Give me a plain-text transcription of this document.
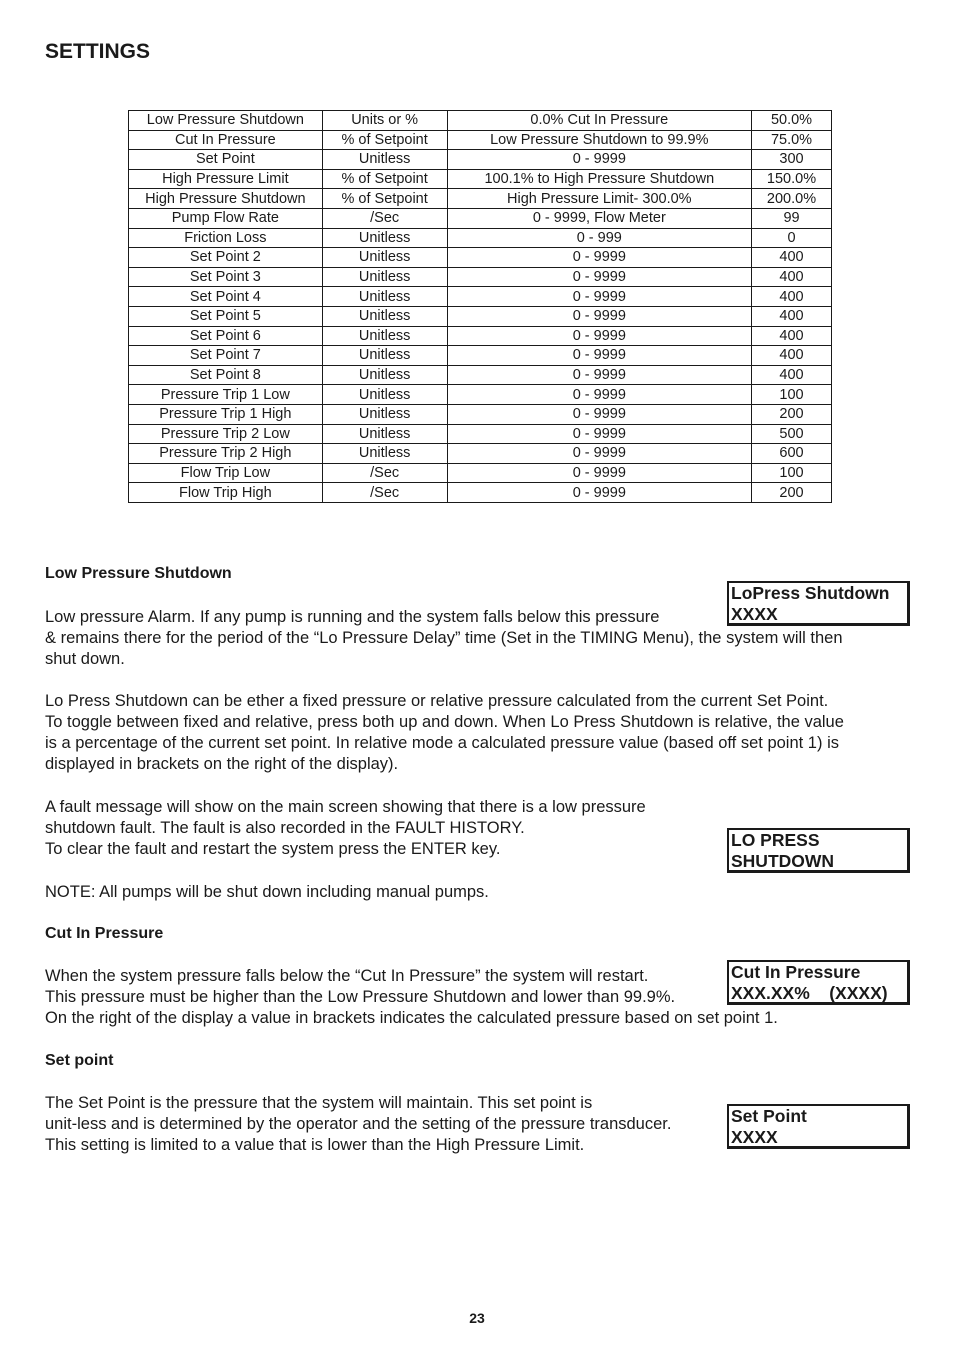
SETTINGS
Low Pressure Shutdown	Units or %	0.0% Cut In Pressure	50.0%
Cut In Pressure	% of Setpoint	Low Pressure Shutdown to 99.9%	75.0%
Set Point	Unitless	0 - 9999	300
High Pressure Limit	% of Setpoint	100.1% to High Pressure Shutdown	150.0%
High Pressure Shutdown	% of Setpoint	High Pressure Limit- 300.0%	200.0%
Pump Flow Rate	/Sec	0 - 9999, Flow Meter	99
Friction Loss	Unitless	0 - 999	0
Set Point 2	Unitless	0 - 9999	400
Set Point 3	Unitless	0 - 9999	400
Set Point 4	Unitless	0 - 9999	400
Set Point 5	Unitless	0 - 9999	400
Set Point 6	Unitless	0 - 9999	400
Set Point 7	Unitless	0 - 9999	400
Set Point 8	Unitless	0 - 9999	400
Pressure Trip 1 Low	Unitless	0 - 9999	100
Pressure Trip 1 High	Unitless	0 - 9999	200
Pressure Trip 2 Low	Unitless	0 - 9999	500
Pressure Trip 2 High	Unitless	0 - 9999	600
Flow Trip Low	/Sec	0 - 9999	100
Flow Trip High	/Sec	0 - 9999	200
Low Pressure Shutdown
LoPress Shutdown
XXXX
Low pressure Alarm. If any pump is running and the system falls below this pressure
& remains there for the period of the “Lo Pressure Delay” time (Set in the TIMING Menu), the system will then
shut down.
Lo Press Shutdown can be ether a fixed pressure or relative pressure calculated from the current Set Point.
To toggle between fixed and relative, press both up and down. When Lo Press Shutdown is relative, the value
is a percentage of the current set point. In relative mode a calculated pressure value (based off set point 1) is
displayed in brackets on the right of the display).
A fault message will show on the main screen showing that there is a low pressure
shutdown fault. The fault is also recorded in the FAULT HISTORY.
To clear the fault and restart the system press the ENTER key.	LO PRESS
SHUTDOWN
NOTE: All pumps will be shut down including manual pumps.
Cut In Pressure
When the system pressure falls below the “Cut In Pressure” the system will restart.
This pressure must be higher than the Low Pressure Shutdown and lower than 99.9%.
On the right of the display a value in brackets indicates the calculated pressure based on set point 1.
Cut In Pressure
XXX.XX%    (XXXX)
Set point
The Set Point is the pressure that the system will maintain. This set point is
unit-less and is determined by the operator and the setting of the pressure transducer.
This setting is limited to a value that is lower than the High Pressure Limit.
Set Point
XXXX
23
